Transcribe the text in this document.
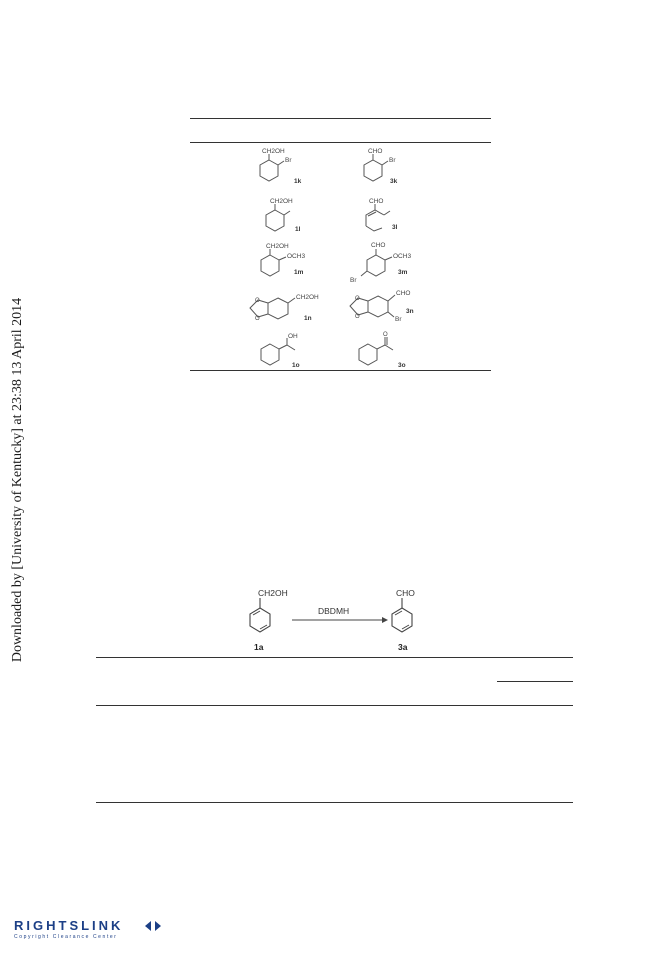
Downloaded by [University of Kentucky] at 23:38 13 April 2014
CH2OH
Br
1k
CHO
Br
3k
CH2OH
1l
CHO
3l
CH2OH
OCH3
1m
CHO
OCH3
Br
3m
O
O
CH2OH
1n
O
O
CHO
Br
3n
OH
1o
O
3o
CH2OH
1a
DBDMH
CHO
3a
RIGHTSLINK
Copyright Clearance Center
